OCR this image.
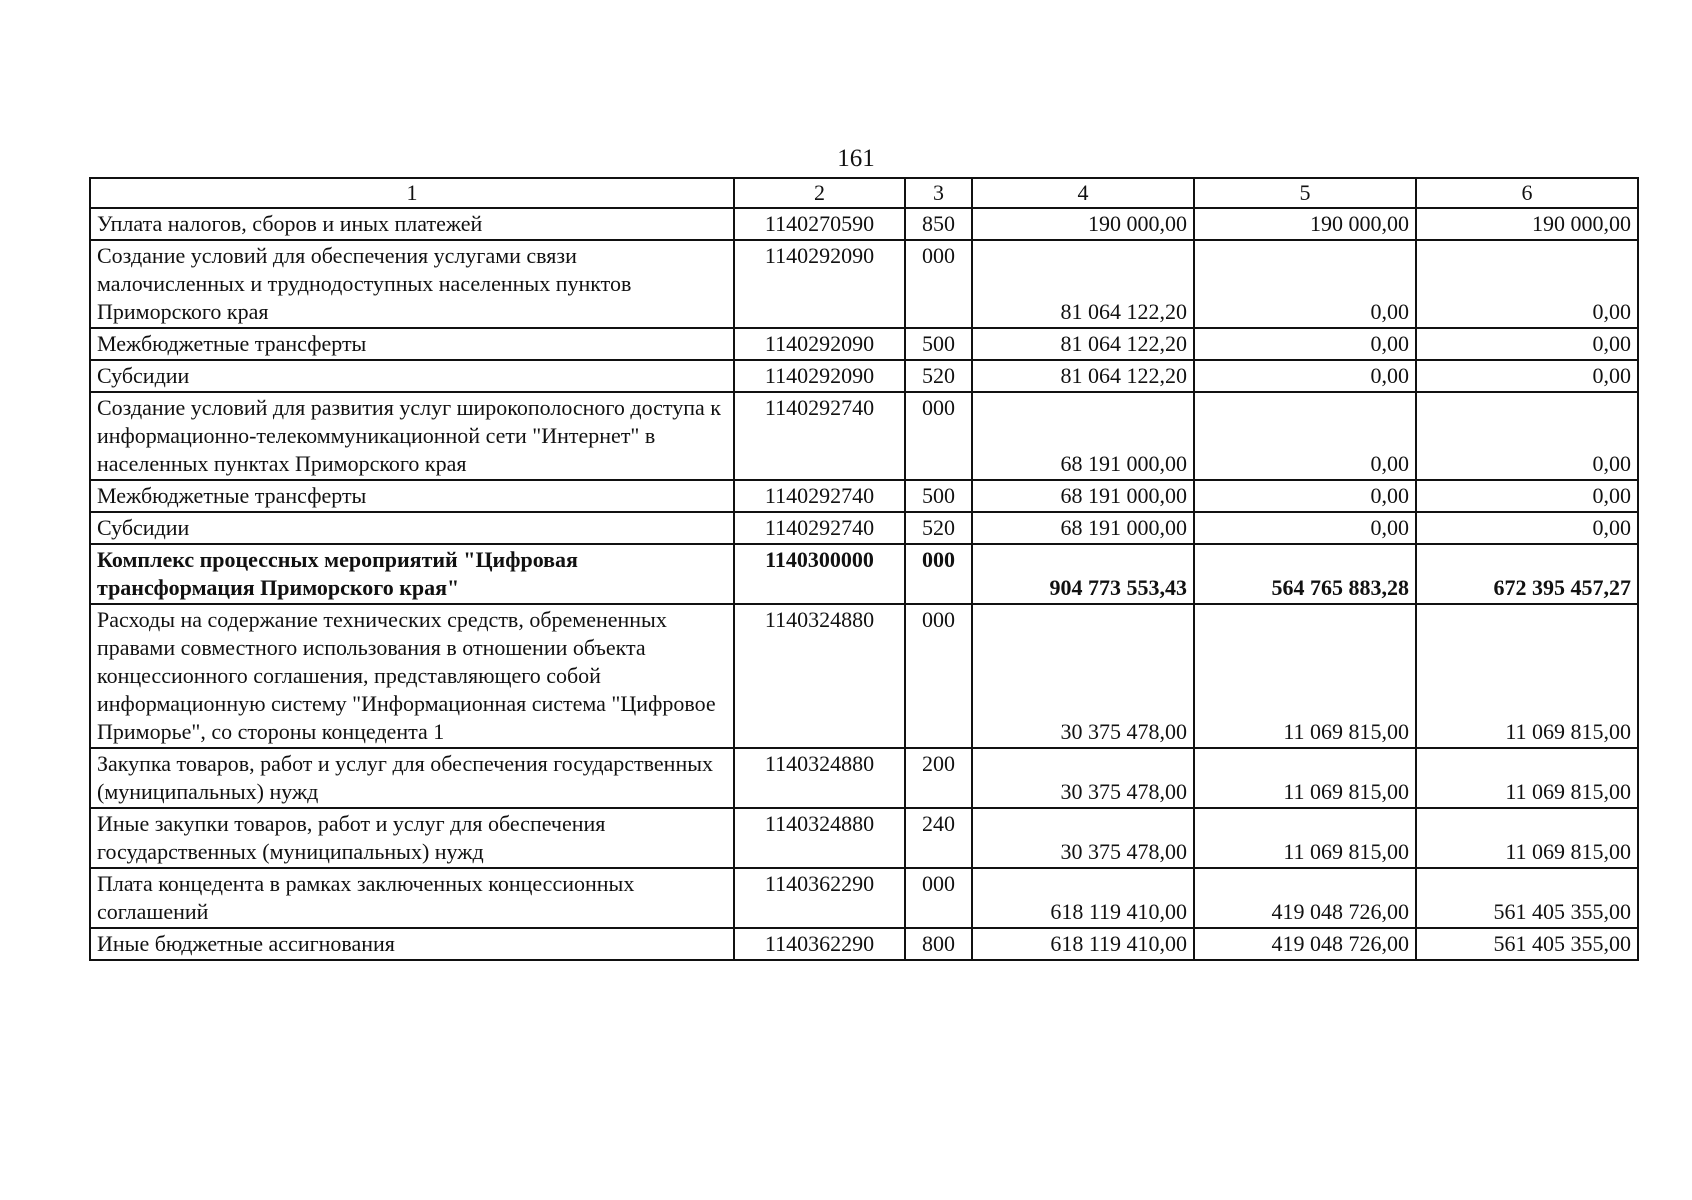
161
1	2	3	4	5	6
Уплата налогов, сборов и иных платежей	1140270590	850	190 000,00	190 000,00	190 000,00
Создание условий для обеспечения услугами связи малочисленных и труднодоступных населенных пунктов Приморского края	1140292090	000	81 064 122,20	0,00	0,00
Межбюджетные трансферты	1140292090	500	81 064 122,20	0,00	0,00
Субсидии	1140292090	520	81 064 122,20	0,00	0,00
Создание условий для развития услуг широкополосного доступа к информационно-телекоммуникационной сети "Интернет" в населенных пунктах Приморского края	1140292740	000	68 191 000,00	0,00	0,00
Межбюджетные трансферты	1140292740	500	68 191 000,00	0,00	0,00
Субсидии	1140292740	520	68 191 000,00	0,00	0,00
Комплекс процессных мероприятий "Цифровая трансформация Приморского края"	1140300000	000	904 773 553,43	564 765 883,28	672 395 457,27
Расходы на содержание технических средств, обремененных правами совместного использования в отношении объекта концессионного соглашения, представляющего собой информационную систему "Информационная система "Цифровое Приморье", со стороны концедента 1	1140324880	000	30 375 478,00	11 069 815,00	11 069 815,00
Закупка товаров, работ и услуг для обеспечения государственных (муниципальных) нужд	1140324880	200	30 375 478,00	11 069 815,00	11 069 815,00
Иные закупки товаров, работ и услуг для обеспечения государственных (муниципальных) нужд	1140324880	240	30 375 478,00	11 069 815,00	11 069 815,00
Плата концедента в рамках заключенных концессионных соглашений	1140362290	000	618 119 410,00	419 048 726,00	561 405 355,00
Иные бюджетные ассигнования	1140362290	800	618 119 410,00	419 048 726,00	561 405 355,00
